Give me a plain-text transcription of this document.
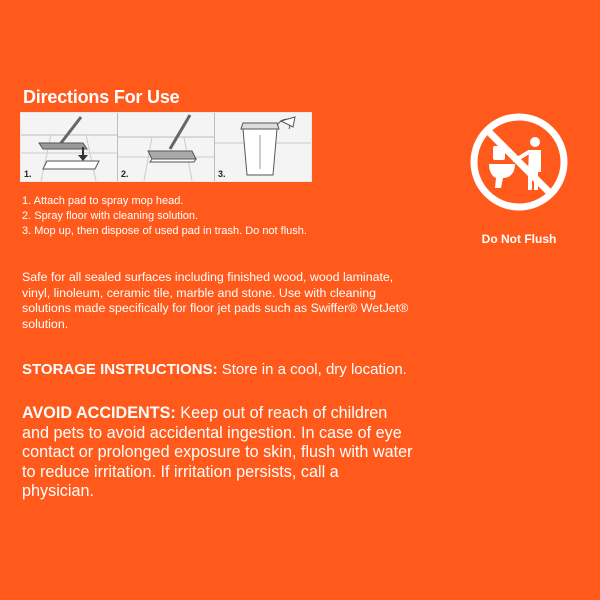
Directions For Use
1.	2.	3.
1. Attach pad to spray mop head.
2. Spray floor with cleaning solution.
3. Mop up, then dispose of used pad in trash. Do not flush.
Safe for all sealed surfaces including finished wood, wood laminate, vinyl, linoleum, ceramic tile, marble and stone. Use with cleaning solutions made specifically for floor jet pads such as Swiffer® WetJet® solution.
STORAGE INSTRUCTIONS: Store in a cool, dry location.
AVOID ACCIDENTS: Keep out of reach of children and pets to avoid accidental ingestion. In case of eye contact or prolonged exposure to skin, flush with water to reduce irritation. If irritation persists, call a physician.
Do Not Flush
